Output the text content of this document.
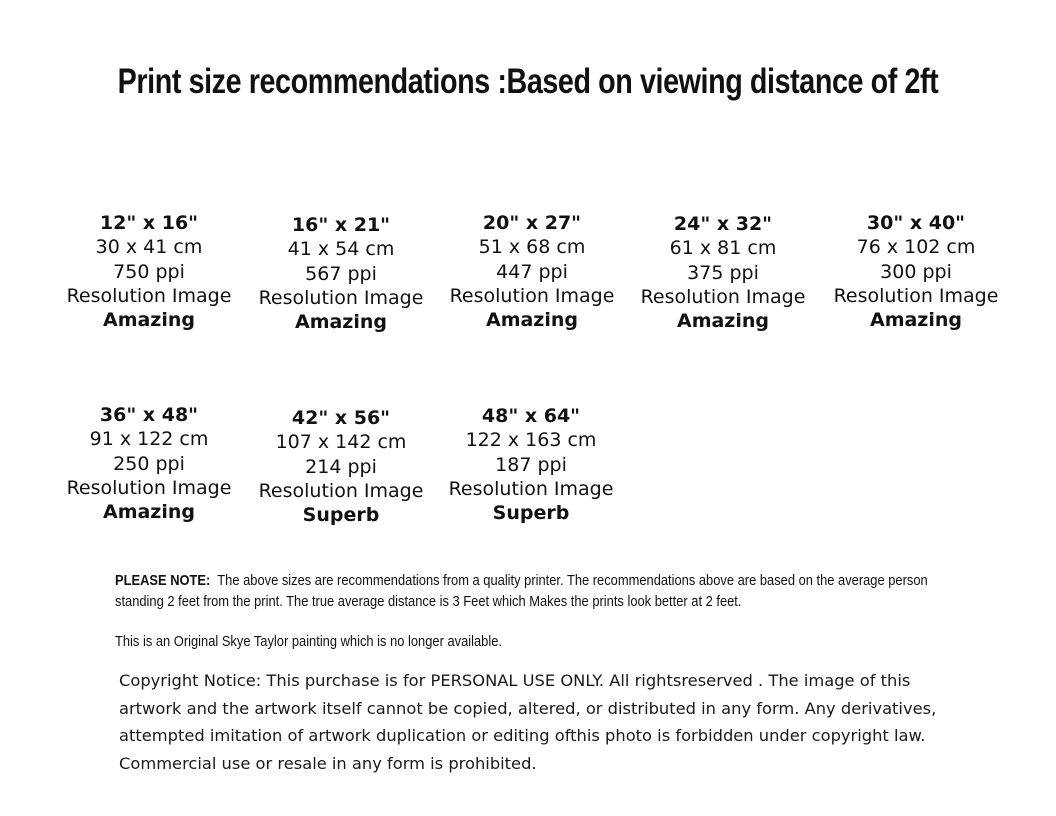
Print size recommendations :Based on viewing distance of 2ft
12" x 16"
30 x 41 cm
750 ppi
Resolution Image
Amazing
16" x 21"
41 x 54 cm
567 ppi
Resolution Image
Amazing
20" x 27"
51 x 68 cm
447 ppi
Resolution Image
Amazing
24" x 32"
61 x 81 cm
375 ppi
Resolution Image
Amazing
30" x 40"
76 x 102 cm
300 ppi
Resolution Image
Amazing
36" x 48"
91 x 122 cm
250 ppi
Resolution Image
Amazing
42" x 56"
107 x 142 cm
214 ppi
Resolution Image
Superb
48" x 64"
122 x 163 cm
187 ppi
Resolution Image
Superb
PLEASE NOTE: The above sizes are recommendations from a quality printer. The recommendations above are based on the average person standing 2 feet from the print. The true average distance is 3 Feet which Makes the prints look better at 2 feet.
This is an Original Skye Taylor painting which is no longer available.
Copyright Notice: This purchase is for PERSONAL USE ONLY. All rightsreserved . The image of this artwork and the artwork itself cannot be copied, altered, or distributed in any form. Any derivatives, attempted imitation of artwork duplication or editing ofthis photo is forbidden under copyright law. Commercial use or resale in any form is prohibited.
